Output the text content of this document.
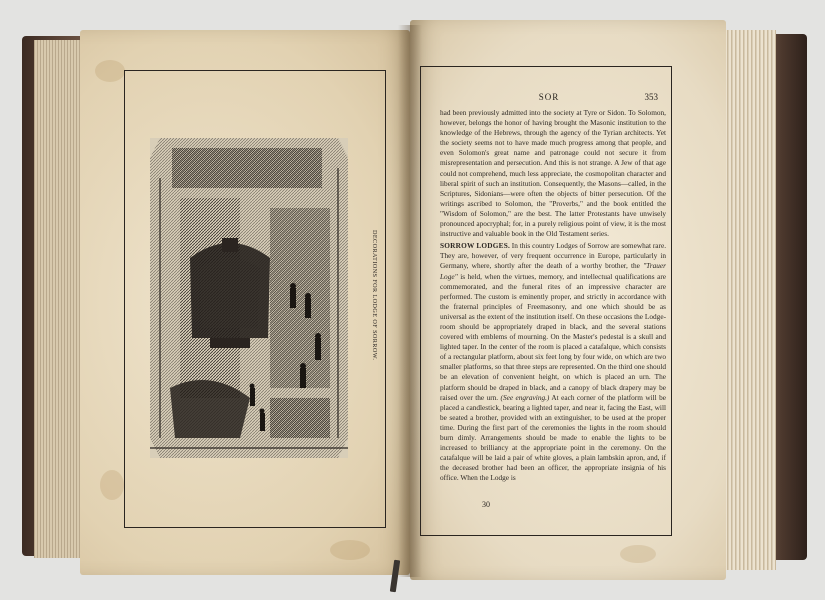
DECORATIONS FOR LODGE OF SORROW.
SOR	353

had been previously admitted into the society at Tyre or Sidon. To Solomon, however, belongs the honor of having brought the Masonic institution to the knowledge of the Hebrews, through the agency of the Tyrian architects. Yet the society seems not to have made much progress among that people, and even Solomon's great name and patronage could not secure it from misrepresentation and persecution. And this is not strange. A Jew of that age could not comprehend, much less appreciate, the cosmopolitan character and liberal spirit of such an institution. Consequently, the Masons—called, in the Scriptures, Sidonians—were often the objects of bitter persecution. Of the writings ascribed to Solomon, the "Proverbs," and the book entitled the "Wisdom of Solomon," are the best. The latter Protestants have unwisely pronounced apocryphal; for, in a purely religious point of view, it is the most instructive and valuable book in the Old Testament series.

SORROW LODGES. In this country Lodges of Sorrow are somewhat rare. They are, however, of very frequent occurrence in Europe, particularly in Germany, where, shortly after the death of a worthy brother, the "Trauer Loge" is held, when the virtues, memory, and intellectual qualifications are commemorated, and the funeral rites of an impressive character are performed. The custom is eminently proper, and strictly in accordance with the fraternal principles of Freemasonry, and one which should be as universal as the extent of the institution itself. On these occasions the Lodge-room should be appropriately draped in black, and the several stations covered with emblems of mourning. On the Master's pedestal is a skull and lighted taper. In the center of the room is placed a catafalque, which consists of a rectangular platform, about six feet long by four wide, on which are two smaller platforms, so that three steps are represented. On the third one should be an elevation of convenient height, on which is placed an urn. The platform should be draped in black, and a canopy of black drapery may be raised over the urn. (See engraving.) At each corner of the platform will be placed a candlestick, bearing a lighted taper, and near it, facing the East, will be seated a brother, provided with an extinguisher, to be used at the proper time. During the first part of the ceremonies the lights in the room should burn dimly. Arrangements should be made to enable the lights to be increased to brilliancy at the appropriate point in the ceremony. On the catafalque will be laid a pair of white gloves, a plain lambskin apron, and, if the deceased brother had been an officer, the appropriate insignia of his office. When the Lodge is

30
